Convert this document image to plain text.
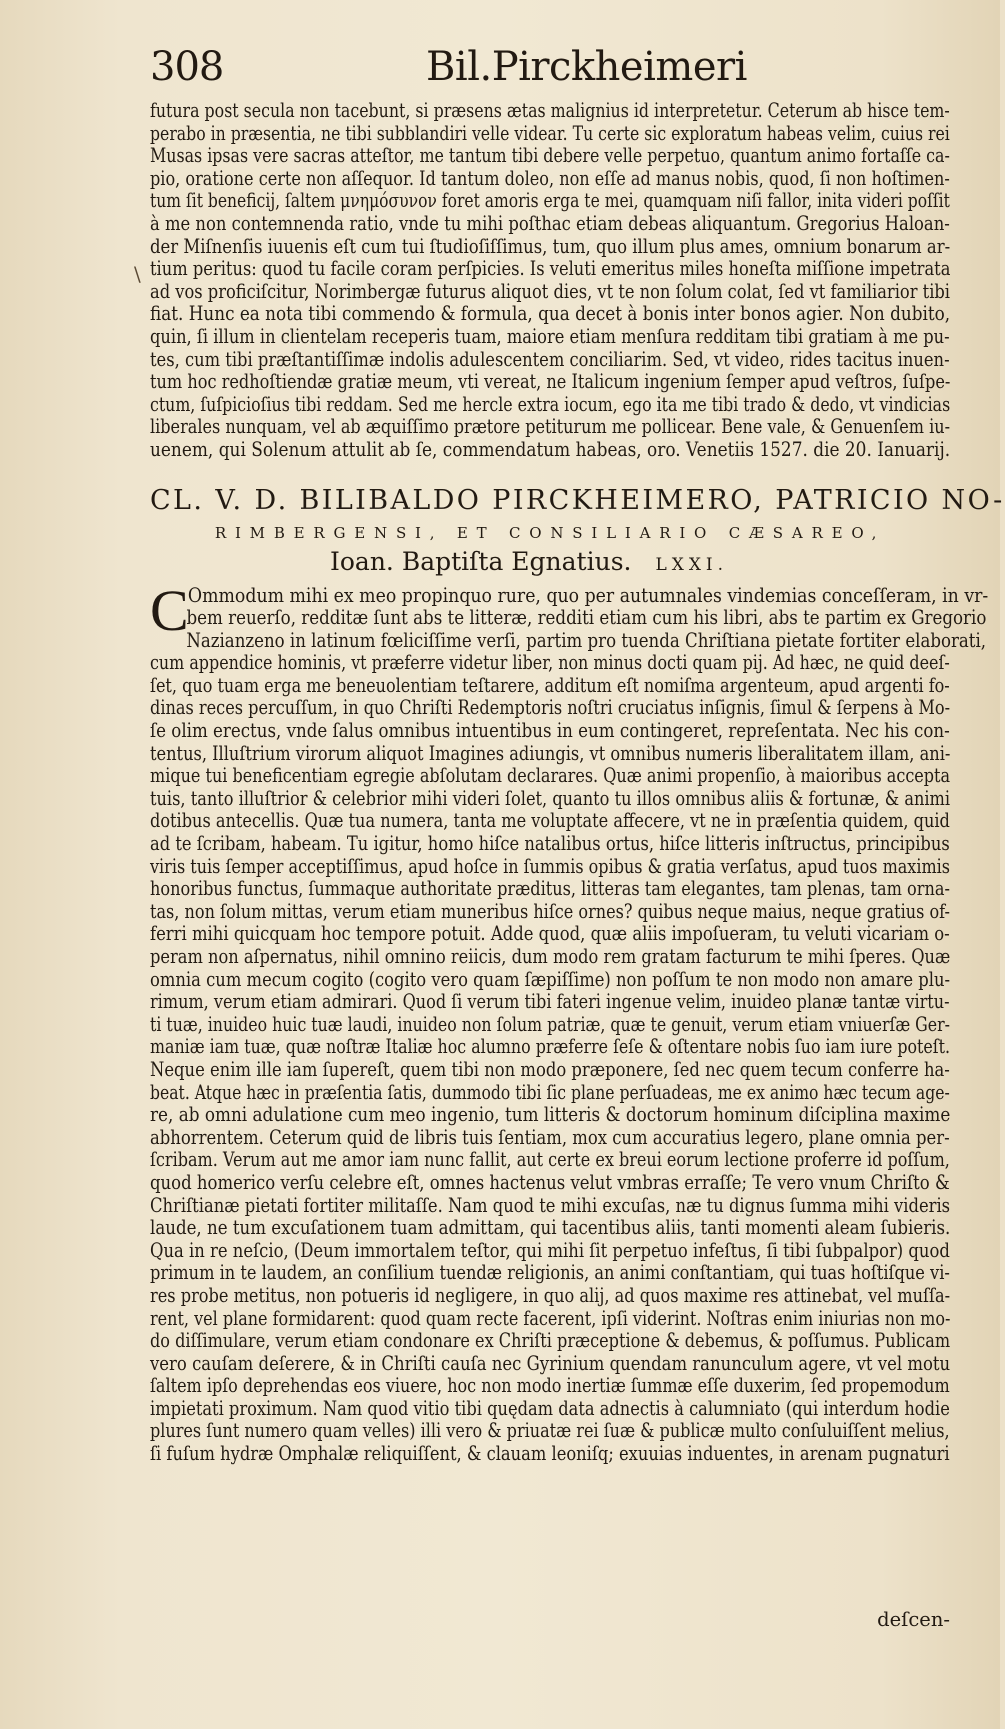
308	Bil.Pirckheimeri
\

futura post secula non tacebunt, si præsens ætas malignius id interpretetur. Ceterum ab hisce tem-
perabo in præsentia, ne tibi subblandiri velle videar. Tu certe sic exploratum habeas velim, cuius rei
Musas ipsas vere sacras atteſtor, me tantum tibi debere velle perpetuo, quantum animo fortaſſe ca-
pio, oratione certe non aſſequor. Id tantum doleo, non eſſe ad manus nobis, quod, ſi non hoſtimen-
tum ſit beneficij, ſaltem μνημόσυνον foret amoris erga te mei, quamquam niſi fallor, inita videri poſſit
à me non contemnenda ratio, vnde tu mihi poſthac etiam debeas aliquantum. Gregorius Haloan-
der Miſnenſis iuuenis eſt cum tui ſtudioſiſſimus, tum, quo illum plus ames, omnium bonarum ar-
tium peritus: quod tu facile coram perſpicies. Is veluti emeritus miles honeſta miſſione impetrata
ad vos proficiſcitur, Norimbergæ futurus aliquot dies, vt te non ſolum colat, ſed vt familiarior tibi
fiat. Hunc ea nota tibi commendo & formula, qua decet à bonis inter bonos agier. Non dubito,
quin, ſi illum in clientelam receperis tuam, maiore etiam menſura redditam tibi gratiam à me pu-
tes, cum tibi præſtantiſſimæ indolis adulescentem conciliarim. Sed, vt video, rides tacitus inuen-
tum hoc redhoſtiendæ gratiæ meum, vti vereat, ne Italicum ingenium ſemper apud veſtros, ſuſpe-
ctum, ſuſpicioſius tibi reddam. Sed me hercle extra iocum, ego ita me tibi trado & dedo, vt vindicias
liberales nunquam, vel ab æquiſſimo prætore petiturum me pollicear. Bene vale, & Genuenſem iu-
uenem, qui Solenum attulit ab ſe, commendatum habeas, oro. Venetiis 1527. die 20. Ianuarij.

CL. V. D. BILIBALDO PIRCKHEIMERO, PATRICIO NO-
RIMBERGENSI, ET CONSILIARIO CÆSAREO,
Ioan. Baptiſta Egnatius. LXXI.
C Ommodum mihi ex meo propinquo rure, quo per autumnales vindemias conceſſeram, in vr-
bem reuerſo, redditæ ſunt abs te litteræ, redditi etiam cum his libri, abs te partim ex Gregorio
Nazianzeno in latinum fœliciſſime verſi, partim pro tuenda Chriſtiana pietate fortiter elaborati,
cum appendice hominis, vt præferre videtur liber, non minus docti quam pij. Ad hæc, ne quid deeſ-
ſet, quo tuam erga me beneuolentiam teſtarere, additum eſt nomiſma argenteum, apud argenti fo-
dinas reces percuſſum, in quo Chriſti Redemptoris noſtri cruciatus inſignis, ſimul & ſerpens à Mo-
ſe olim erectus, vnde ſalus omnibus intuentibus in eum contingeret, repreſentata. Nec his con-
tentus, Illuſtrium virorum aliquot Imagines adiungis, vt omnibus numeris liberalitatem illam, ani-
mique tui beneficentiam egregie abſolutam declarares. Quæ animi propenſio, à maioribus accepta
tuis, tanto illuſtrior & celebrior mihi videri ſolet, quanto tu illos omnibus aliis & fortunæ, & animi
dotibus antecellis. Quæ tua numera, tanta me voluptate affecere, vt ne in præſentia quidem, quid
ad te ſcribam, habeam. Tu igitur, homo hiſce natalibus ortus, hiſce litteris inſtructus, principibus
viris tuis ſemper acceptiſſimus, apud hoſce in ſummis opibus & gratia verſatus, apud tuos maximis
honoribus functus, ſummaque authoritate præditus, litteras tam elegantes, tam plenas, tam orna-
tas, non ſolum mittas, verum etiam muneribus hiſce ornes? quibus neque maius, neque gratius of-
ferri mihi quicquam hoc tempore potuit. Adde quod, quæ aliis impoſueram, tu veluti vicariam o-
peram non aſpernatus, nihil omnino reiicis, dum modo rem gratam facturum te mihi ſperes. Quæ
omnia cum mecum cogito (cogito vero quam ſæpiſſime) non poſſum te non modo non amare plu-
rimum, verum etiam admirari. Quod ſi verum tibi fateri ingenue velim, inuideo planæ tantæ virtu-
ti tuæ, inuideo huic tuæ laudi, inuideo non ſolum patriæ, quæ te genuit, verum etiam vniuerſæ Ger-
maniæ iam tuæ, quæ noſtræ Italiæ hoc alumno præferre ſeſe & oſtentare nobis ſuo iam iure poteſt.
Neque enim ille iam ſupereſt, quem tibi non modo præponere, ſed nec quem tecum conferre ha-
beat. Atque hæc in præſentia ſatis, dummodo tibi ſic plane perſuadeas, me ex animo hæc tecum age-
re, ab omni adulatione cum meo ingenio, tum litteris & doctorum hominum diſciplina maxime
abhorrentem. Ceterum quid de libris tuis ſentiam, mox cum accuratius legero, plane omnia per-
ſcribam. Verum aut me amor iam nunc fallit, aut certe ex breui eorum lectione proferre id poſſum,
quod homerico verſu celebre eſt, omnes hactenus velut vmbras erraſſe; Te vero vnum Chriſto &
Chriſtianæ pietati fortiter militaſſe. Nam quod te mihi excuſas, næ tu dignus ſumma mihi videris
laude, ne tum excuſationem tuam admittam, qui tacentibus aliis, tanti momenti aleam ſubieris.
Qua in re neſcio, (Deum immortalem teſtor, qui mihi ſit perpetuo infeſtus, ſi tibi ſubpalpor) quod
primum in te laudem, an conſilium tuendæ religionis, an animi conſtantiam, qui tuas hoſtiſque vi-
res probe metitus, non potueris id negligere, in quo alij, ad quos maxime res attinebat, vel muſſa-
rent, vel plane formidarent: quod quam recte facerent, ipſi viderint. Noſtras enim iniurias non mo-
do diſſimulare, verum etiam condonare ex Chriſti præceptione & debemus, & poſſumus. Publicam
vero cauſam deſerere, & in Chriſti cauſa nec Gyrinium quendam ranunculum agere, vt vel motu
ſaltem ipſo deprehendas eos viuere, hoc non modo inertiæ ſummæ eſſe duxerim, ſed propemodum
impietati proximum. Nam quod vitio tibi quędam data adnectis à calumniato (qui interdum hodie
plures ſunt numero quam velles) illi vero & priuatæ rei ſuæ & publicæ multo conſuluiſſent melius,
ſi fuſum hydræ Omphalæ reliquiſſent, & clauam leoniſq; exuuias induentes, in arenam pugnaturi

deſcen-
